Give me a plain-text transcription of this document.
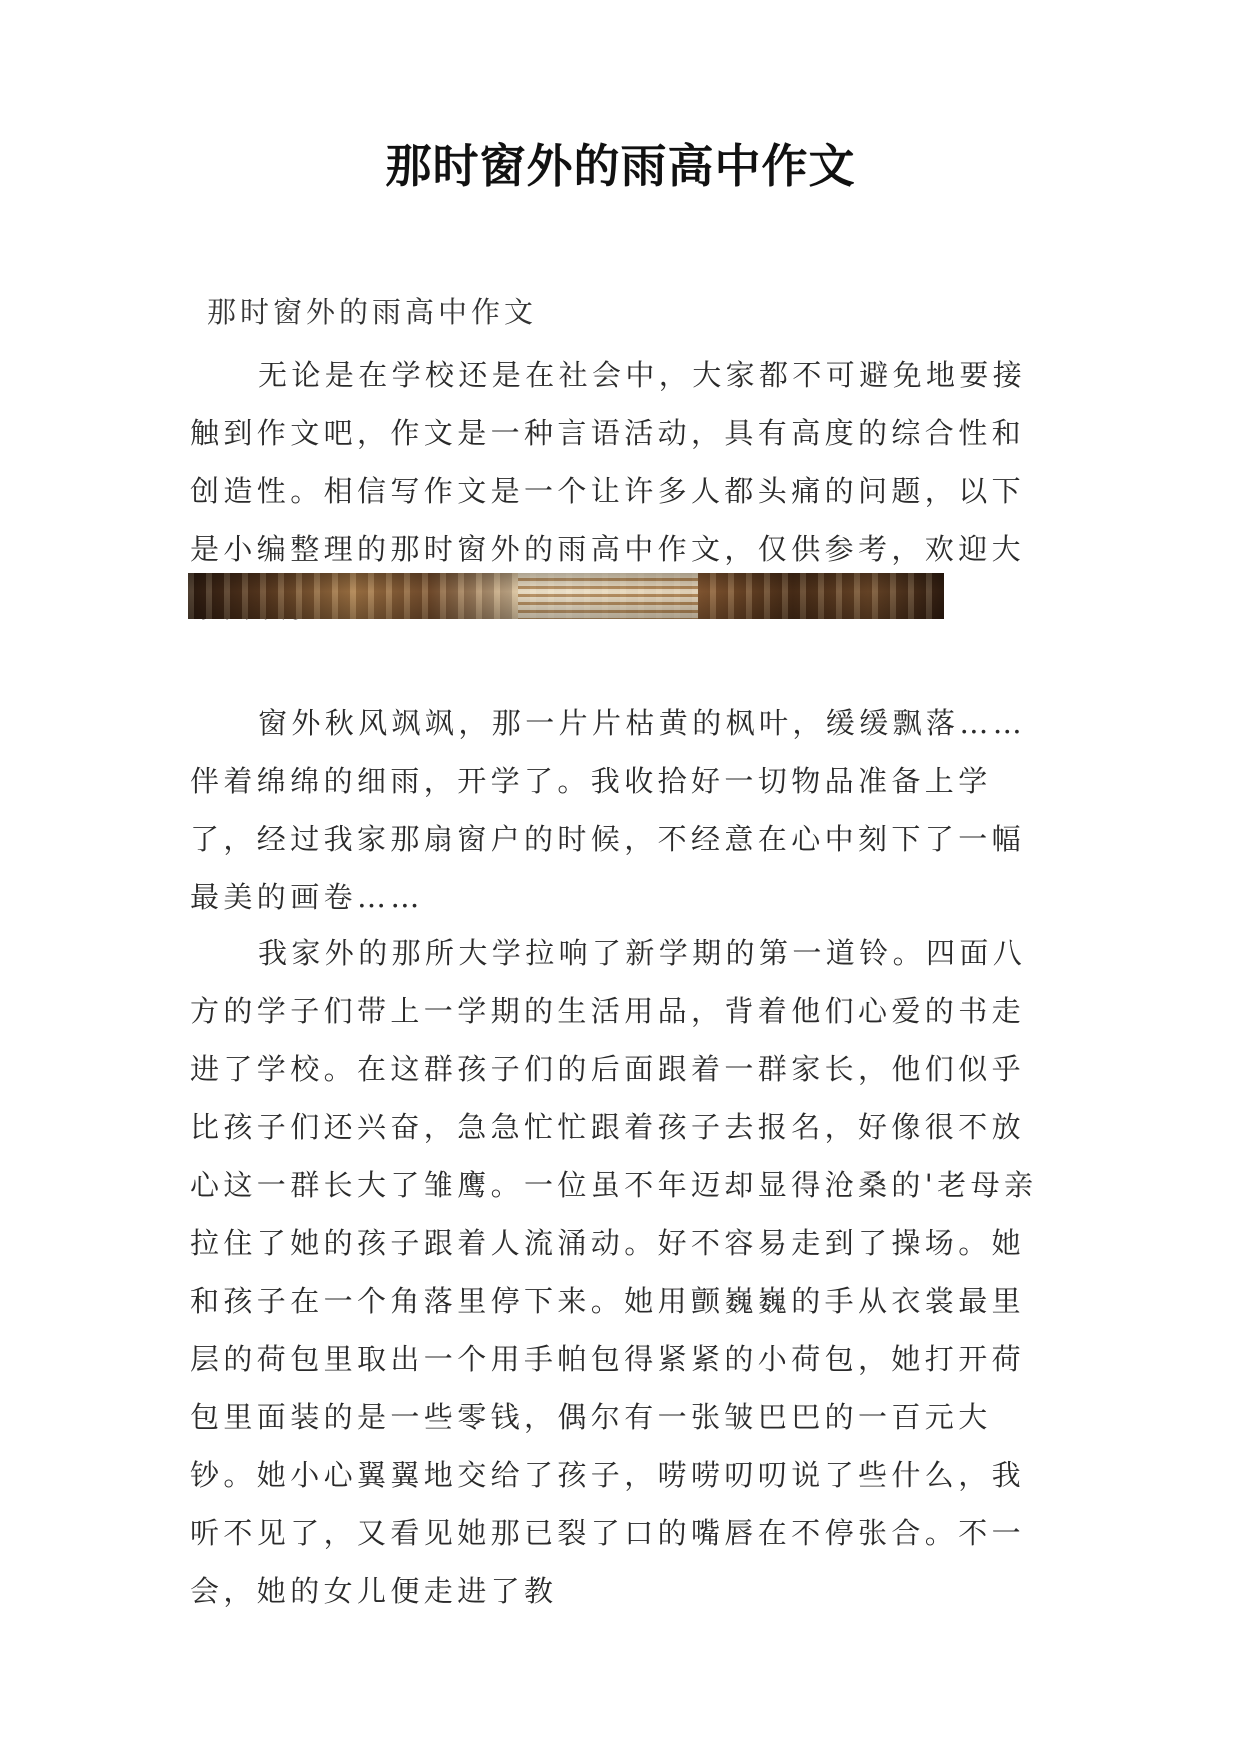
那时窗外的雨高中作文
那时窗外的雨高中作文

无论是在学校还是在社会中，大家都不可避免地要接触到作文吧，作文是一种言语活动，具有高度的综合性和创造性。相信写作文是一个让许多人都头痛的问题，以下是小编整理的那时窗外的雨高中作文，仅供参考，欢迎大

窗外秋风飒飒，那一片片枯黄的枫叶，缓缓飘落……伴着绵绵的细雨，开学了。我收拾好一切物品准备上学了，经过我家那扇窗户的时候，不经意在心中刻下了一幅最美的画卷……

我家外的那所大学拉响了新学期的第一道铃。四面八方的学子们带上一学期的生活用品，背着他们心爱的书走进了学校。在这群孩子们的后面跟着一群家长，他们似乎比孩子们还兴奋，急急忙忙跟着孩子去报名，好像很不放心这一群长大了雏鹰。一位虽不年迈却显得沧桑的'老母亲拉住了她的孩子跟着人流涌动。好不容易走到了操场。她和孩子在一个角落里停下来。她用颤巍巍的手从衣裳最里层的荷包里取出一个用手帕包得紧紧的小荷包，她打开荷包里面装的是一些零钱，偶尔有一张皱巴巴的一百元大钞。她小心翼翼地交给了孩子，唠唠叨叨说了些什么，我听不见了，又看见她那已裂了口的嘴唇在不停张合。不一会，她的女儿便走进了教
